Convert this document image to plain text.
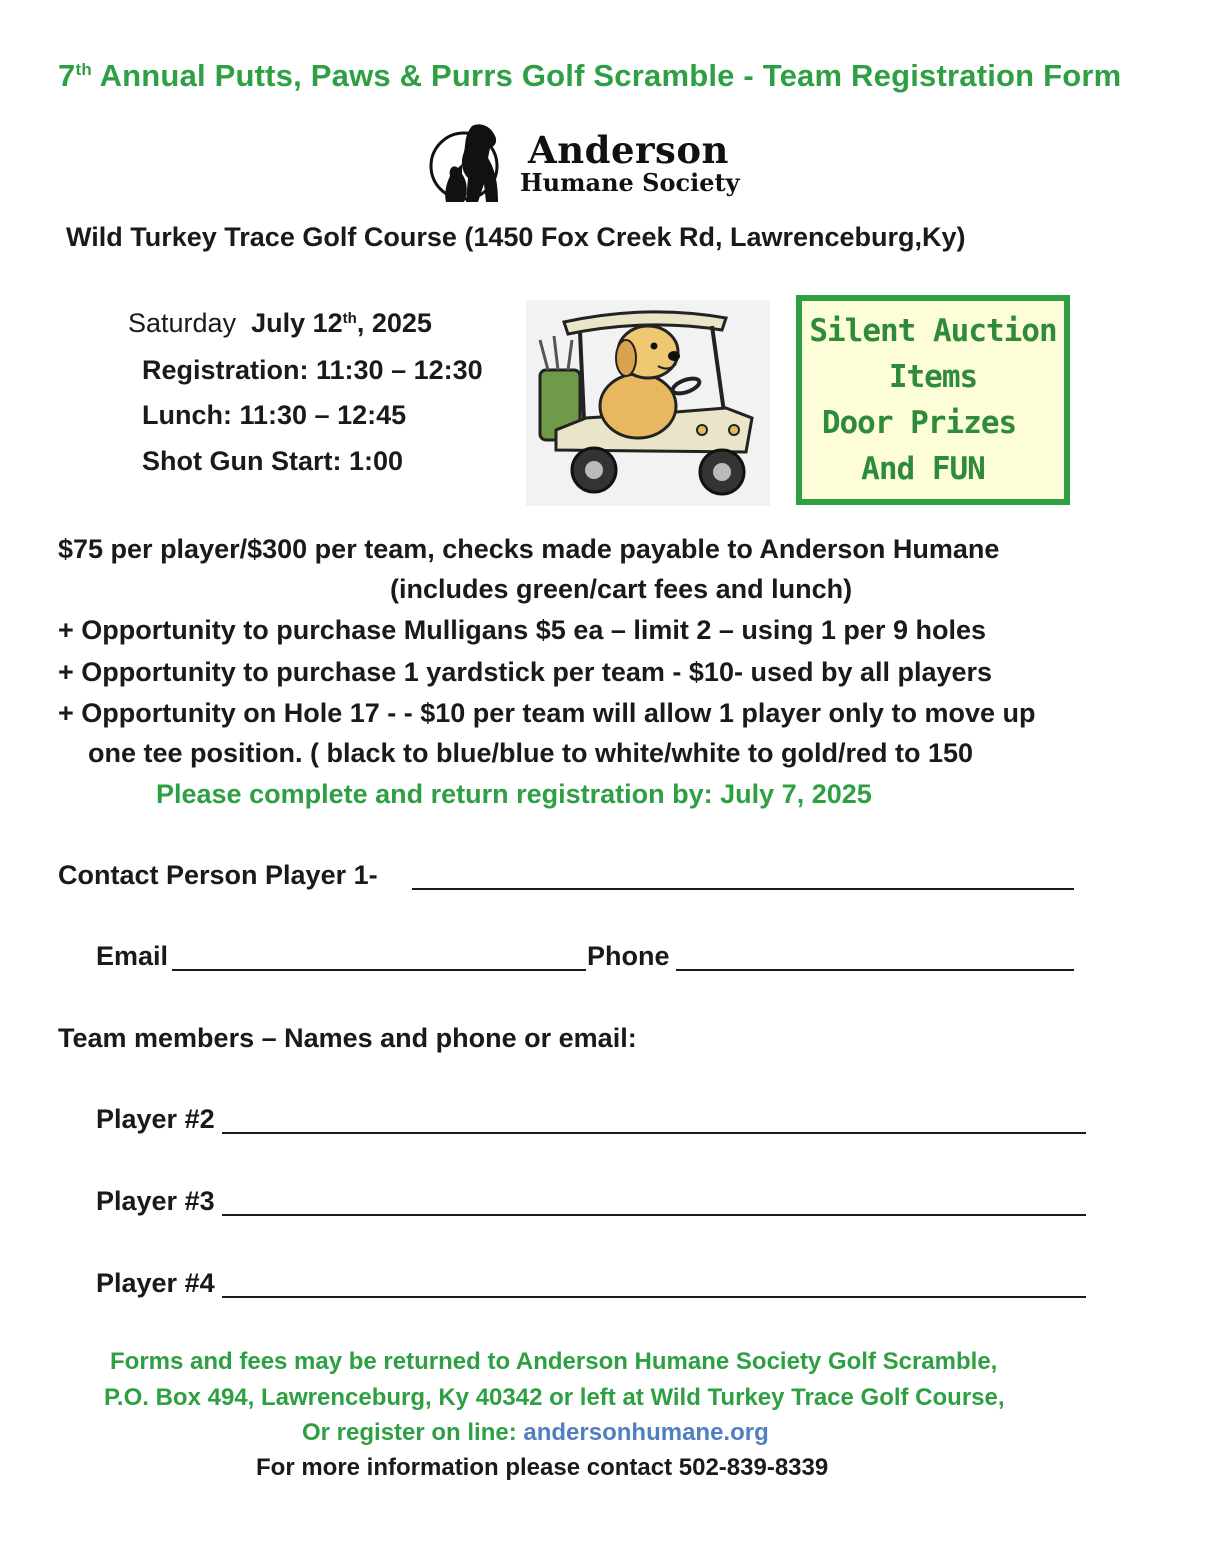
7th Annual Putts, Paws & Purrs Golf Scramble - Team Registration Form
Anderson
Humane Society
Wild Turkey Trace Golf Course (1450 Fox Creek Rd, Lawrenceburg,Ky)
Saturday July 12th, 2025
Registration: 11:30 – 12:30
Lunch: 11:30 – 12:45
Shot Gun Start: 1:00
Silent Auction
Items
Door Prizes
And FUN
$75 per player/$300 per team, checks made payable to Anderson Humane
(includes green/cart fees and lunch)
+ Opportunity to purchase Mulligans $5 ea – limit 2 – using 1 per 9 holes
+ Opportunity to purchase 1 yardstick per team - $10- used by all players
+ Opportunity on Hole 17 - - $10 per team will allow 1 player only to move up
one tee position. ( black to blue/blue to white/white to gold/red to 150
Please complete and return registration by: July 7, 2025
Contact Person Player 1-
Email	Phone
Team members – Names and phone or email:
Player #2
Player #3
Player #4
Forms and fees may be returned to Anderson Humane Society Golf Scramble,
P.O. Box 494, Lawrenceburg, Ky 40342 or left at Wild Turkey Trace Golf Course,
Or register on line: andersonhumane.org
For more information please contact 502-839-8339
